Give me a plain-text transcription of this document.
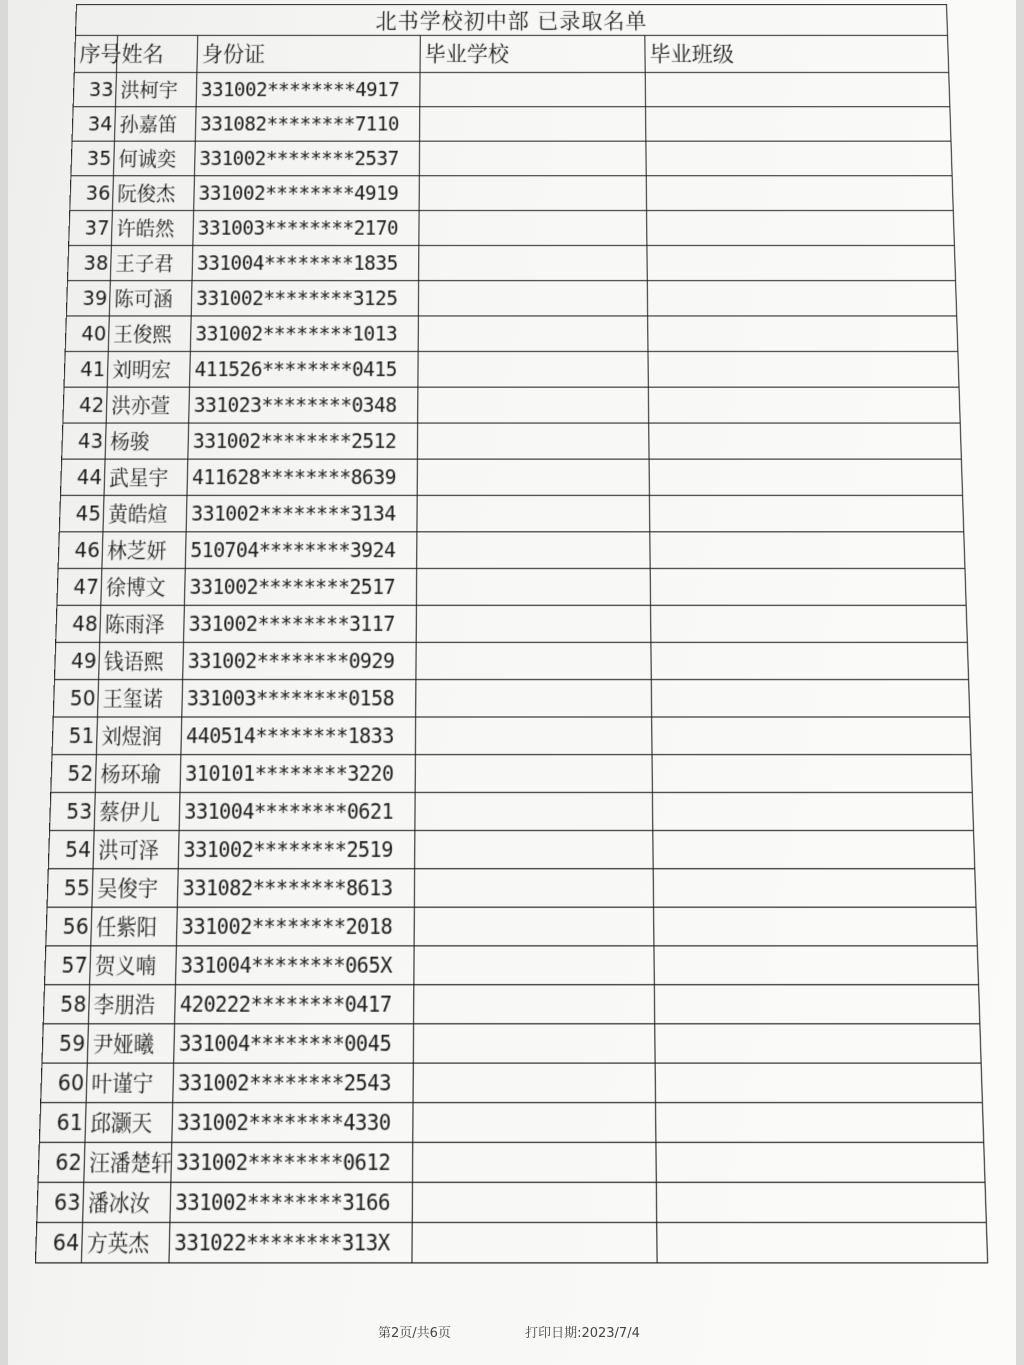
北书学校初中部 已录取名单				
序号	姓名	身份证	毕业学校	毕业班级
33	洪柯宇	331002********4917		
34	孙嘉笛	331082********7110		
35	何诚奕	331002********2537		
36	阮俊杰	331002********4919		
37	许皓然	331003********2170		
38	王子君	331004********1835		
39	陈可涵	331002********3125		
40	王俊熙	331002********1013		
41	刘明宏	411526********0415		
42	洪亦萱	331023********0348		
43	杨骏	331002********2512		
44	武星宇	411628********8639		
45	黄皓煊	331002********3134		
46	林芝妍	510704********3924		
47	徐博文	331002********2517		
48	陈雨泽	331002********3117		
49	钱语熙	331002********0929		
50	王玺诺	331003********0158		
51	刘煜润	440514********1833		
52	杨环瑜	310101********3220		
53	蔡伊儿	331004********0621		
54	洪可泽	331002********2519		
55	吴俊宇	331082********8613		
56	任紫阳	331002********2018		
57	贺义喃	331004********065X		
58	李朋浩	420222********0417		
59	尹娅曦	331004********0045		
60	叶谨宁	331002********2543		
61	邱灏天	331002********4330		
62	汪潘楚轩	331002********0612		
63	潘冰汝	331002********3166		
64	方英杰	331022********313X		
第2页/共6页	打印日期:2023/7/4
